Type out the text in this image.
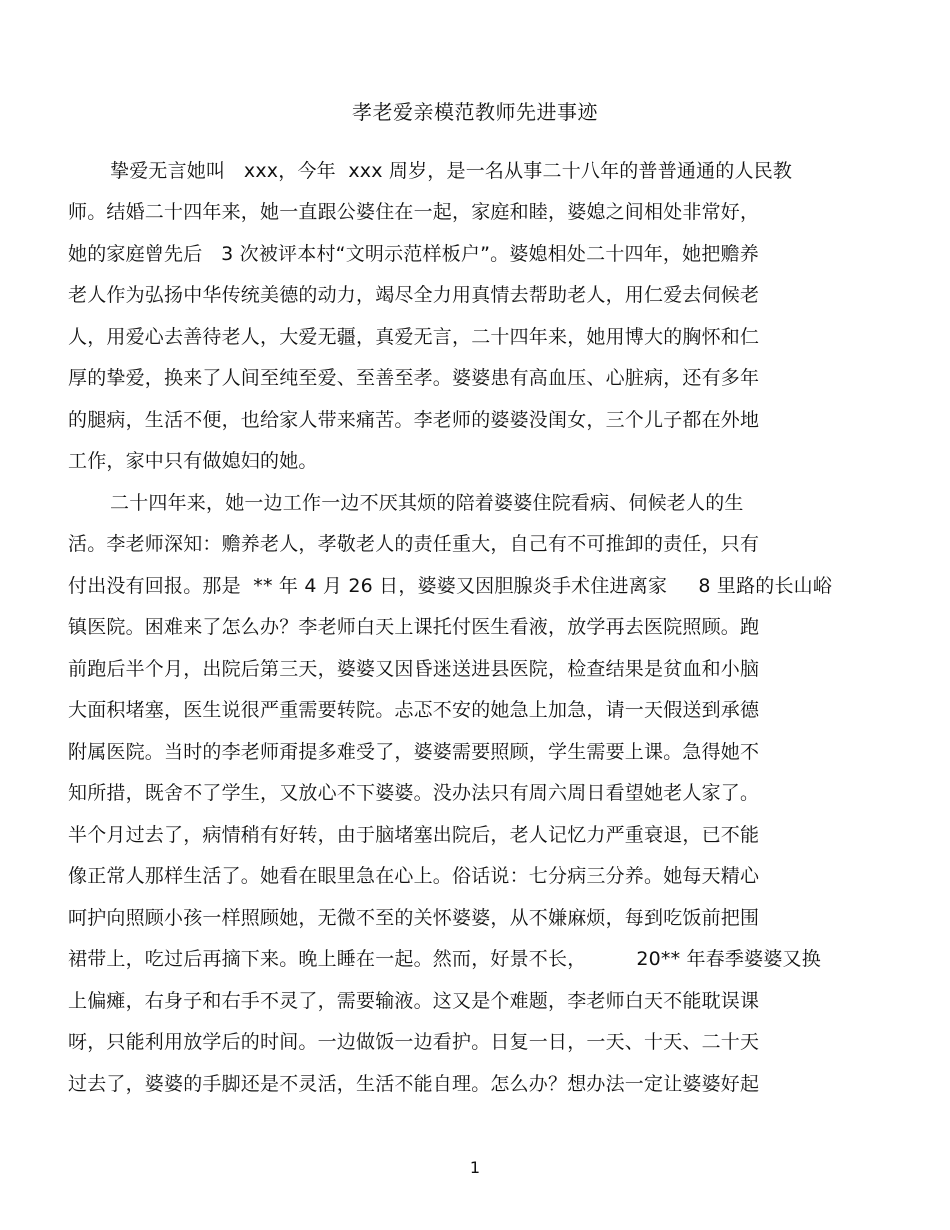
孝老爱亲模范教师先进事迹
挚爱无言她叫   xxx，今年  xxx 周岁，是一名从事二十八年的普普通通的人民教
师。结婚二十四年来，她一直跟公婆住在一起，家庭和睦，婆媳之间相处非常好，
她的家庭曾先后   3 次被评本村“文明示范样板户”。婆媳相处二十四年，她把赡养
老人作为弘扬中华传统美德的动力，竭尽全力用真情去帮助老人，用仁爱去伺候老
人，用爱心去善待老人，大爱无疆，真爱无言，二十四年来，她用博大的胸怀和仁
厚的挚爱，换来了人间至纯至爱、至善至孝。婆婆患有高血压、心脏病，还有多年
的腿病，生活不便，也给家人带来痛苦。李老师的婆婆没闺女，三个儿子都在外地
工作，家中只有做媳妇的她。
二十四年来，她一边工作一边不厌其烦的陪着婆婆住院看病、伺候老人的生
活。李老师深知：赡养老人，孝敬老人的责任重大，自己有不可推卸的责任，只有
付出没有回报。那是  ** 年 4 月 26 日，婆婆又因胆腺炎手术住进离家     8 里路的长山峪
镇医院。困难来了怎么办？李老师白天上课托付医生看液，放学再去医院照顾。跑
前跑后半个月，出院后第三天，婆婆又因昏迷送进县医院，检查结果是贫血和小脑
大面积堵塞，医生说很严重需要转院。忐忑不安的她急上加急，请一天假送到承德
附属医院。当时的李老师甭提多难受了，婆婆需要照顾，学生需要上课。急得她不
知所措，既舍不了学生，又放心不下婆婆。没办法只有周六周日看望她老人家了。
半个月过去了，病情稍有好转，由于脑堵塞出院后，老人记忆力严重衰退，已不能
像正常人那样生活了。她看在眼里急在心上。俗话说：七分病三分养。她每天精心
呵护向照顾小孩一样照顾她，无微不至的关怀婆婆，从不嫌麻烦，每到吃饭前把围
裙带上，吃过后再摘下来。晚上睡在一起。然而，好景不长，        20** 年春季婆婆又换
上偏瘫，右身子和右手不灵了，需要输液。这又是个难题，李老师白天不能耽误课
呀，只能利用放学后的时间。一边做饭一边看护。日复一日，一天、十天、二十天
过去了，婆婆的手脚还是不灵活，生活不能自理。怎么办？想办法一定让婆婆好起
1
